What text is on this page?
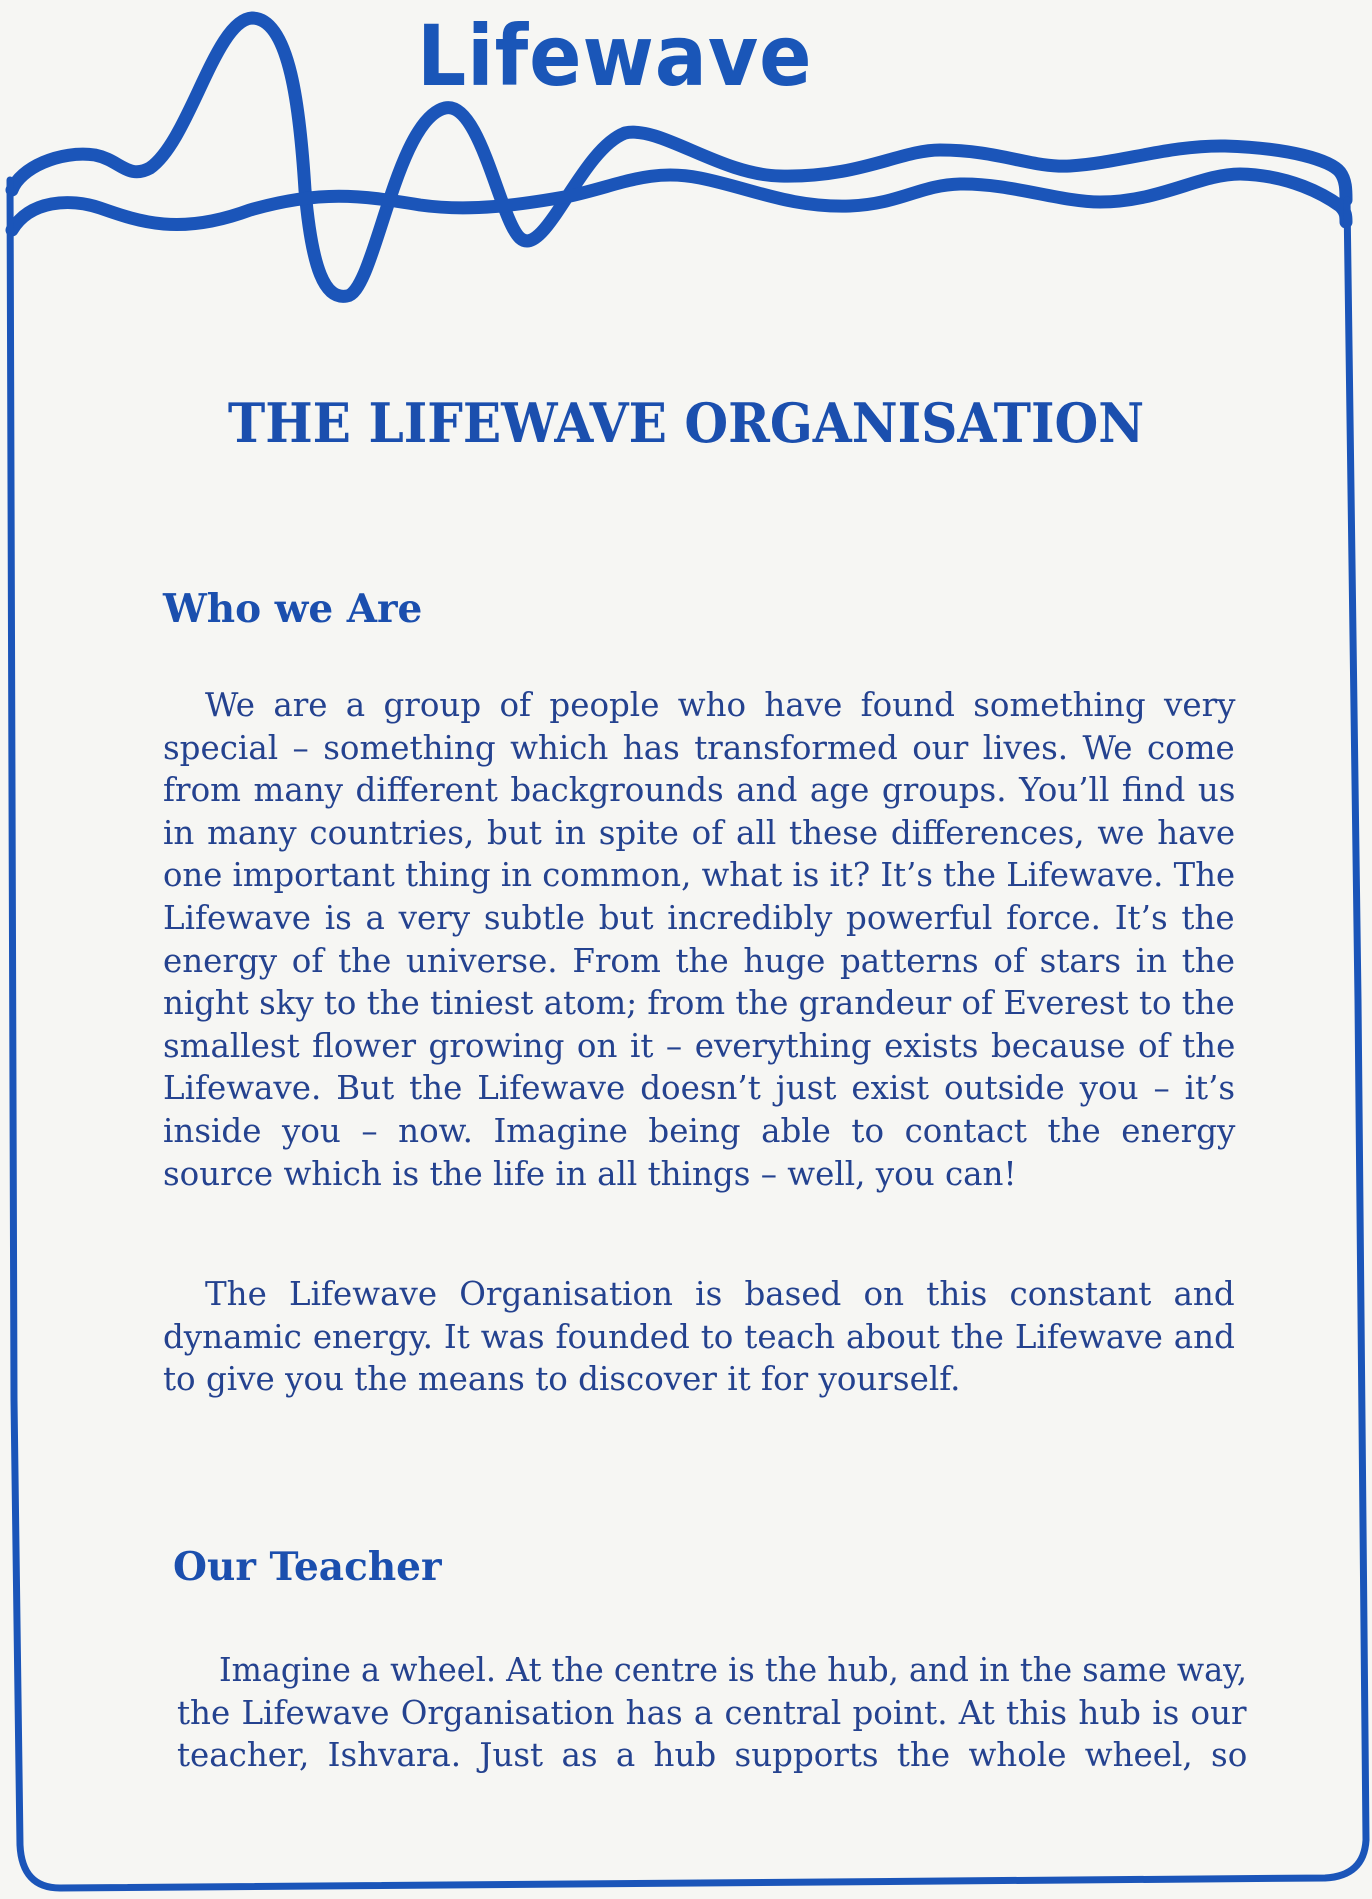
Lifewave
THE LIFEWAVE ORGANISATION
Who we Are
We are a group of people who have found something very
special – something which has transformed our lives. We come
from many different backgrounds and age groups. You’ll find us
in many countries, but in spite of all these differences, we have
one important thing in common, what is it? It’s the Lifewave. The
Lifewave is a very subtle but incredibly powerful force. It’s the
energy of the universe. From the huge patterns of stars in the
night sky to the tiniest atom; from the grandeur of Everest to the
smallest flower growing on it – everything exists because of the
Lifewave. But the Lifewave doesn’t just exist outside you – it’s
inside you – now. Imagine being able to contact the energy
source which is the life in all things – well, you can!
The Lifewave Organisation is based on this constant and
dynamic energy. It was founded to teach about the Lifewave and
to give you the means to discover it for yourself.
Our Teacher
Imagine a wheel. At the centre is the hub, and in the same way,
the Lifewave Organisation has a central point. At this hub is our
teacher, Ishvara. Just as a hub supports the whole wheel, so
